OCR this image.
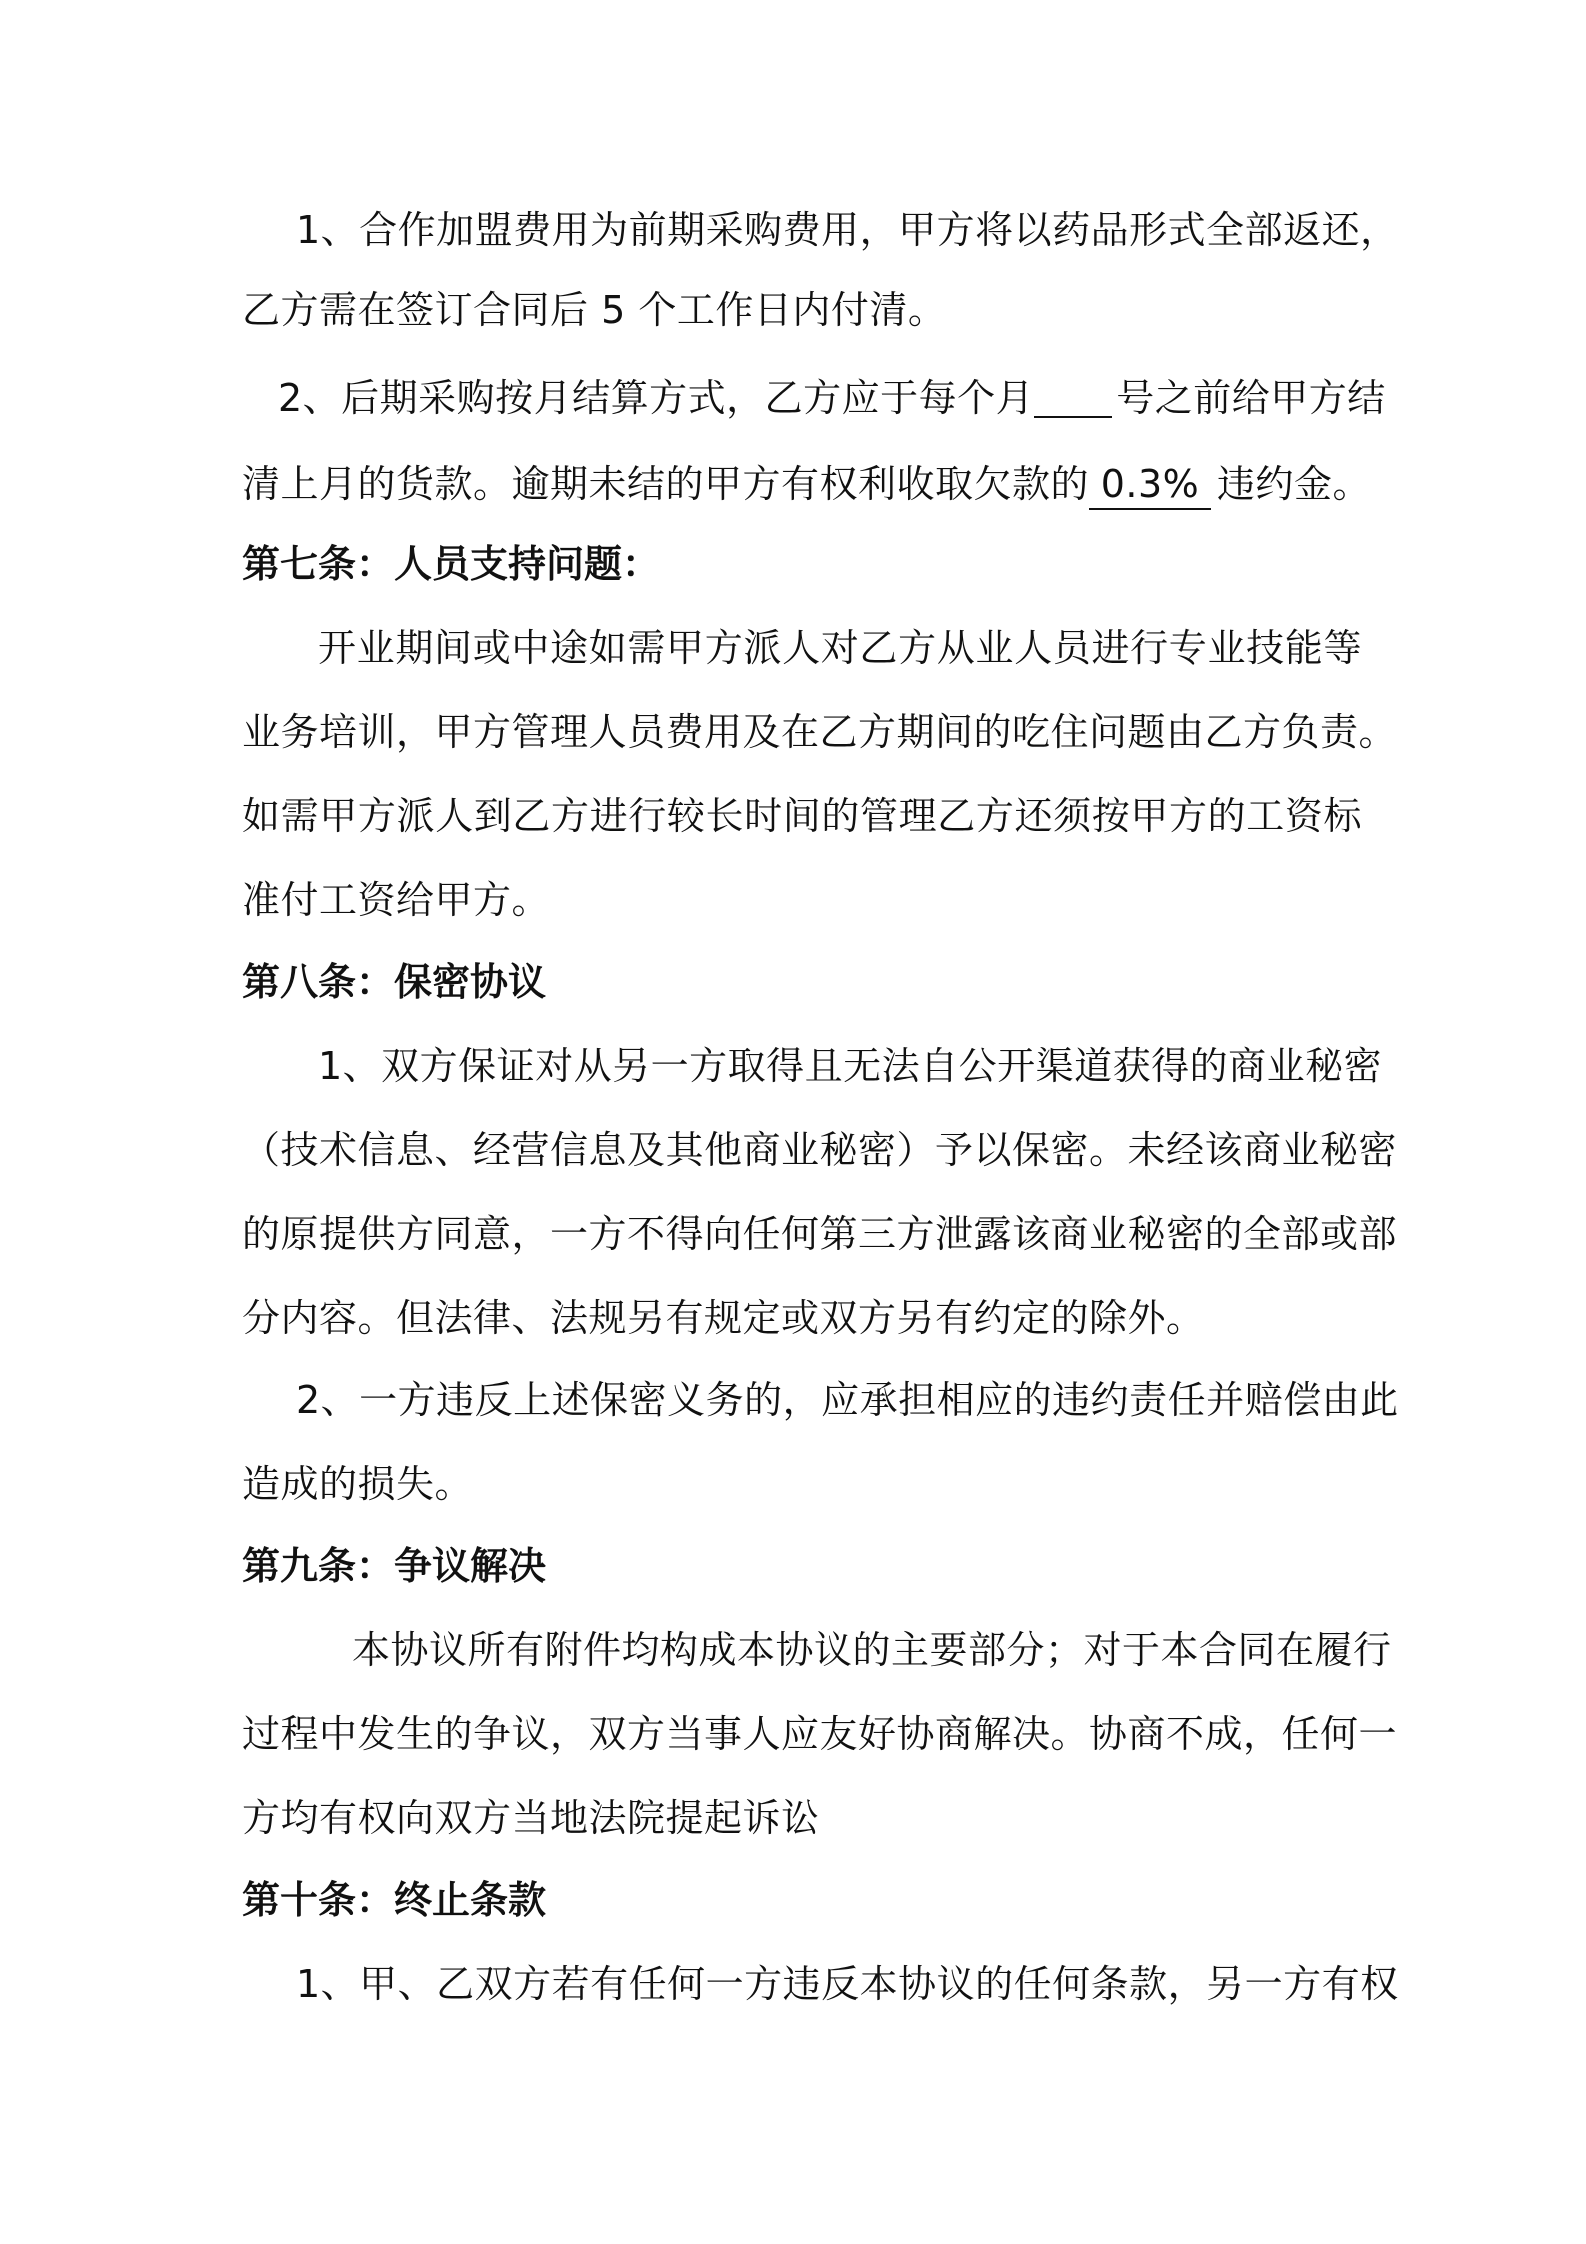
1、合作加盟费用为前期采购费用，甲方将以药品形式全部返还，
乙方需在签订合同后 5 个工作日内付清。
2、后期采购按月结算方式，乙方应于每个月 号之前给甲方结
清上月的货款。逾期未结的甲方有权利收取欠款的 0.3% 违约金。
第七条：人员支持问题：
开业期间或中途如需甲方派人对乙方从业人员进行专业技能等
业务培训，甲方管理人员费用及在乙方期间的吃住问题由乙方负责。
如需甲方派人到乙方进行较长时间的管理乙方还须按甲方的工资标
准付工资给甲方。
第八条：保密协议
1、双方保证对从另一方取得且无法自公开渠道获得的商业秘密
（技术信息、经营信息及其他商业秘密）予以保密。未经该商业秘密
的原提供方同意，一方不得向任何第三方泄露该商业秘密的全部或部
分内容。但法律、法规另有规定或双方另有约定的除外。
2、一方违反上述保密义务的，应承担相应的违约责任并赔偿由此
造成的损失。
第九条：争议解决
本协议所有附件均构成本协议的主要部分；对于本合同在履行
过程中发生的争议，双方当事人应友好协商解决。协商不成，任何一
方均有权向双方当地法院提起诉讼
第十条：终止条款
1、甲、乙双方若有任何一方违反本协议的任何条款，另一方有权
